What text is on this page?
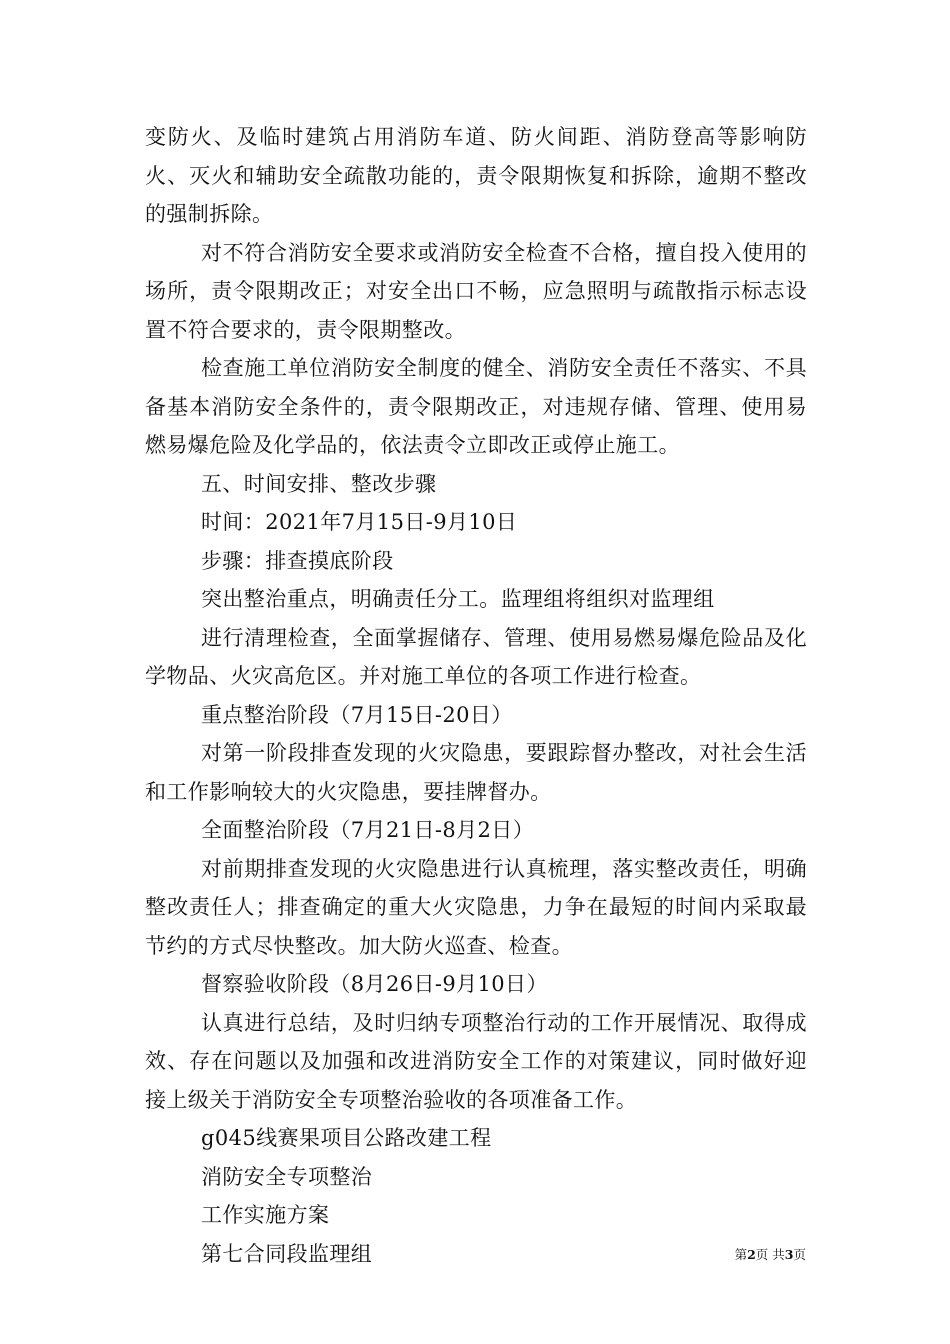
变防火、及临时建筑占用消防车道、防火间距、消防登高等影响防火、灭火和辅助安全疏散功能的，责令限期恢复和拆除，逾期不整改的强制拆除。

对不符合消防安全要求或消防安全检查不合格，擅自投入使用的场所，责令限期改正；对安全出口不畅，应急照明与疏散指示标志设置不符合要求的，责令限期整改。

检查施工单位消防安全制度的健全、消防安全责任不落实、不具备基本消防安全条件的，责令限期改正，对违规存储、管理、使用易燃易爆危险及化学品的，依法责令立即改正或停止施工。

五、时间安排、整改步骤

时间：2021年7月15日-9月10日

步骤：排查摸底阶段

突出整治重点，明确责任分工。监理组将组织对监理组

进行清理检查，全面掌握储存、管理、使用易燃易爆危险品及化学物品、火灾高危区。并对施工单位的各项工作进行检查。

重点整治阶段（7月15日-20日）

对第一阶段排查发现的火灾隐患，要跟踪督办整改，对社会生活和工作影响较大的火灾隐患，要挂牌督办。

全面整治阶段（7月21日-8月2日）

对前期排查发现的火灾隐患进行认真梳理，落实整改责任，明确整改责任人；排查确定的重大火灾隐患，力争在最短的时间内采取最节约的方式尽快整改。加大防火巡查、检查。

督察验收阶段（8月26日-9月10日）

认真进行总结，及时归纳专项整治行动的工作开展情况、取得成效、存在问题以及加强和改进消防安全工作的对策建议，同时做好迎接上级关于消防安全专项整治验收的各项准备工作。

g045线赛果项目公路改建工程

消防安全专项整治

工作实施方案

第七合同段监理组	第2页 共3页
